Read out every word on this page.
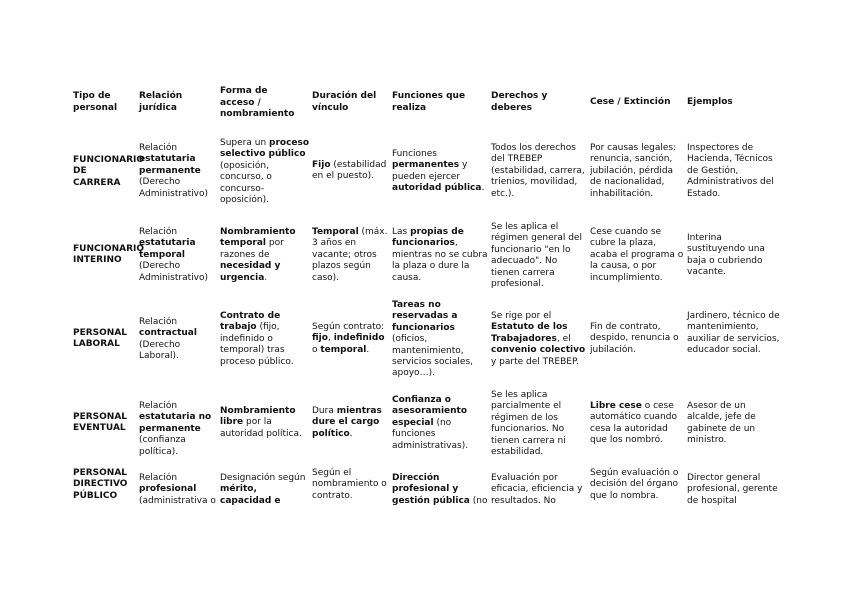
Tipo de personal
Relación jurídica
Forma de acceso / nombramiento
Duración del vínculo
Funciones que realiza
Derechos y deberes
Cese / Extinción	Ejemplos
FUNCIONARIO DE CARRERA
Relación estatutaria permanente (Derecho Administrativo)
Supera un proceso selectivo público (oposición, concurso, o concurso-oposición).
Fijo (estabilidad en el puesto).
Funciones permanentes y pueden ejercer autoridad pública.
Todos los derechos del TREBEP (estabilidad, carrera, trienios, movilidad, etc.).
Por causas legales: renuncia, sanción, jubilación, pérdida de nacionalidad, inhabilitación.
Inspectores de Hacienda, Técnicos de Gestión, Administrativos del Estado.
FUNCIONARIO INTERINO
Relación estatutaria temporal (Derecho Administrativo)
Nombramiento temporal por razones de necesidad y urgencia.
Temporal (máx. 3 años en vacante; otros plazos según caso).
Las propias de funcionarios, mientras no se cubra la plaza o dure la causa.
Se les aplica el régimen general del funcionario "en lo adecuado". No tienen carrera profesional.
Cese cuando se cubre la plaza, acaba el programa o la causa, o por incumplimiento.
Interina sustituyendo una baja o cubriendo vacante.
PERSONAL LABORAL
Relación contractual (Derecho Laboral).
Contrato de trabajo (fijo, indefinido o temporal) tras proceso público.
Según contrato: fijo, indefinido o temporal.
Tareas no reservadas a funcionarios (oficios, mantenimiento, servicios sociales, apoyo…).
Se rige por el Estatuto de los Trabajadores, el convenio colectivo y parte del TREBEP.
Fin de contrato, despido, renuncia o jubilación.
Jardinero, técnico de mantenimiento, auxiliar de servicios, educador social.
PERSONAL EVENTUAL
Relación estatutaria no permanente (confianza política).
Nombramiento libre por la autoridad política.
Dura mientras dure el cargo político.
Confianza o asesoramiento especial (no funciones administrativas).
Se les aplica parcialmente el régimen de los funcionarios. No tienen carrera ni estabilidad.
Libre cese o cese automático cuando cesa la autoridad que los nombró.
Asesor de un alcalde, jefe de gabinete de un ministro.
PERSONAL DIRECTIVO PÚBLICO
Relación profesional (administrativa o
Designación según mérito, capacidad e
Según el nombramiento o contrato.
Dirección profesional y gestión pública (no
Evaluación por eficacia, eficiencia y resultados. No
Según evaluación o decisión del órgano que lo nombra.
Director general profesional, gerente de hospital
